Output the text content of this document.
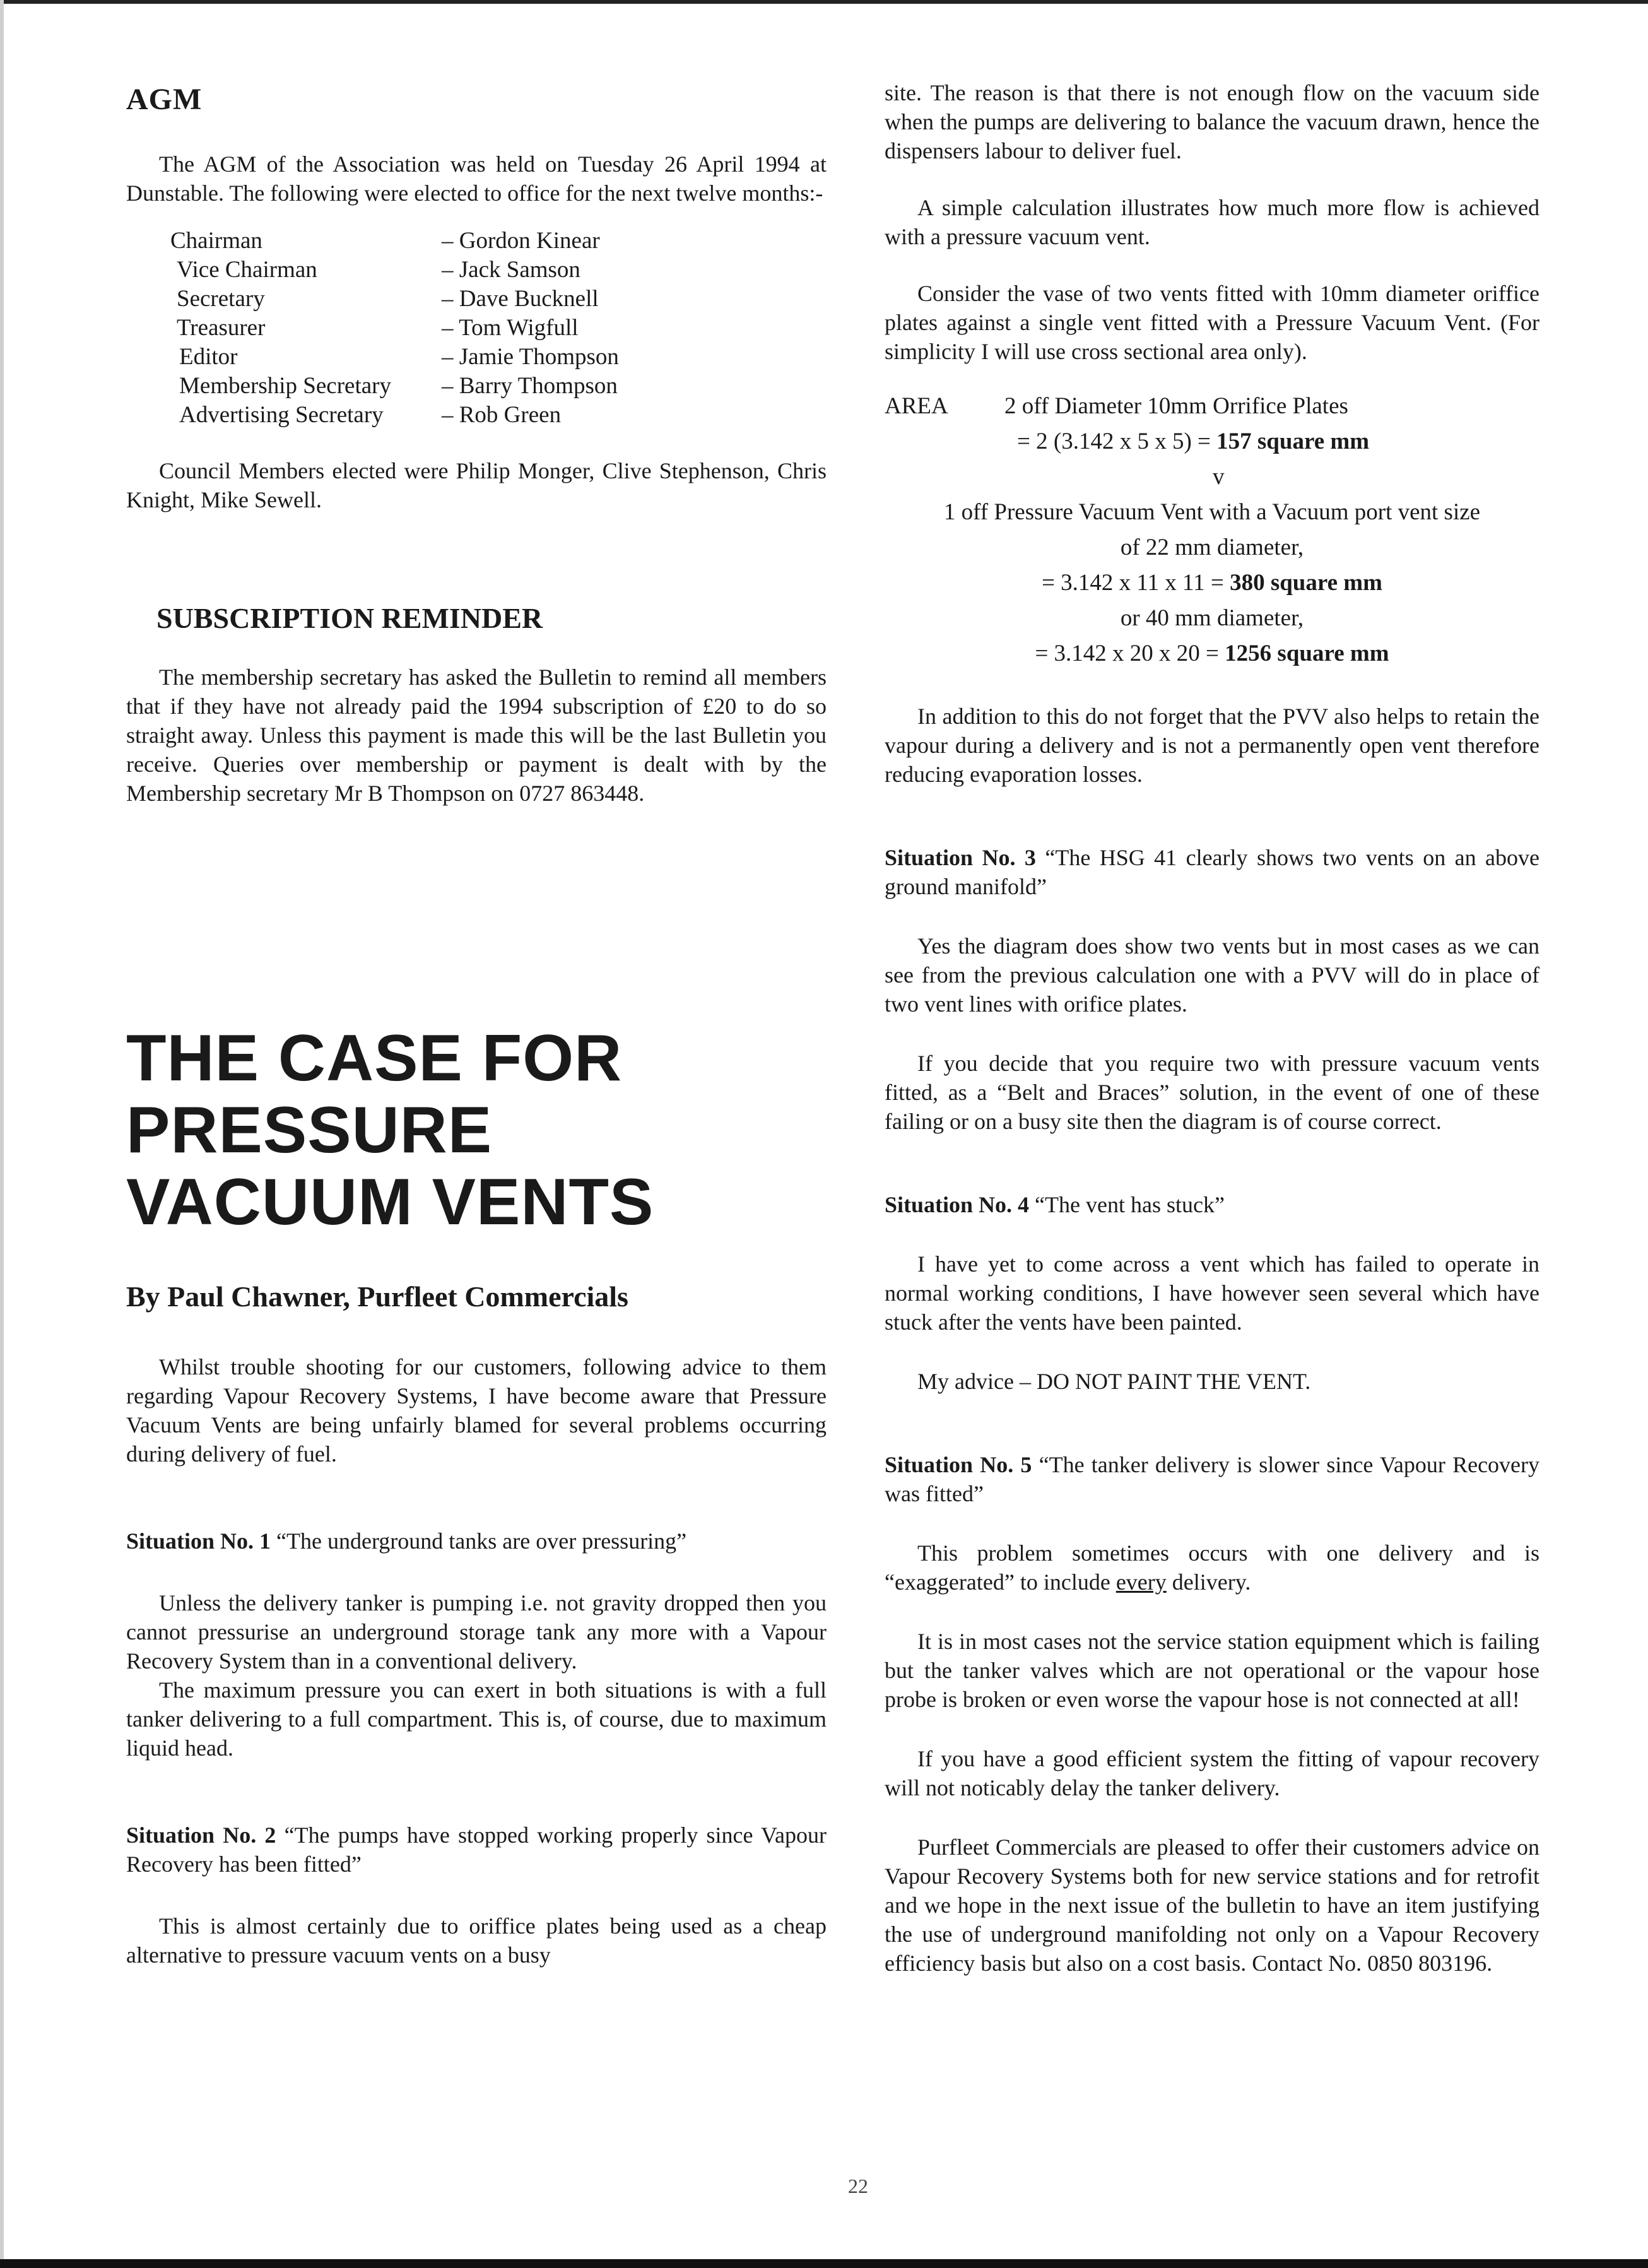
AGM

The AGM of the Association was held on Tuesday 26 April 1994 at Dunstable. The following were elected to office for the next twelve months:-

Chairman	– Gordon Kinear
Vice Chairman	– Jack Samson
Secretary	– Dave Bucknell
Treasurer	– Tom Wigfull
Editor	– Jamie Thompson
Membership Secretary	– Barry Thompson
Advertising Secretary	– Rob Green

Council Members elected were Philip Monger, Clive Stephenson, Chris Knight, Mike Sewell.

SUBSCRIPTION REMINDER

The membership secretary has asked the Bulletin to remind all members that if they have not already paid the 1994 subscription of £20 to do so straight away. Unless this payment is made this will be the last Bulletin you receive. Queries over membership or payment is dealt with by the Membership secretary Mr B Thompson on 0727 863448.

THE CASE FOR
PRESSURE
VACUUM VENTS
By Paul Chawner, Purfleet Commercials

Whilst trouble shooting for our customers, following advice to them regarding Vapour Recovery Systems, I have become aware that Pressure Vacuum Vents are being unfairly blamed for several problems occurring during delivery of fuel.

Situation No. 1 “The underground tanks are over pressuring”

Unless the delivery tanker is pumping i.e. not gravity dropped then you cannot pressurise an underground storage tank any more with a Vapour Recovery System than in a conventional delivery.

The maximum pressure you can exert in both situations is with a full tanker delivering to a full compartment. This is, of course, due to maximum liquid head.

Situation No. 2 “The pumps have stopped working properly since Vapour Recovery has been fitted”

This is almost certainly due to oriffice plates being used as a cheap alternative to pressure vacuum vents on a busy

site. The reason is that there is not enough flow on the vacuum side when the pumps are delivering to balance the vacuum drawn, hence the dispensers labour to deliver fuel.

A simple calculation illustrates how much more flow is achieved with a pressure vacuum vent.

Consider the vase of two vents fitted with 10mm diameter oriffice plates against a single vent fitted with a Pressure Vacuum Vent. (For simplicity I will use cross sectional area only).

AREA 2 off Diameter 10mm Orrifice Plates
= 2 (3.142 x 5 x 5) = 157 square mm
v
1 off Pressure Vacuum Vent with a Vacuum port vent size
of 22 mm diameter,
= 3.142 x 11 x 11 = 380 square mm
or 40 mm diameter,
= 3.142 x 20 x 20 = 1256 square mm

In addition to this do not forget that the PVV also helps to retain the vapour during a delivery and is not a permanently open vent therefore reducing evaporation losses.

Situation No. 3 “The HSG 41 clearly shows two vents on an above ground manifold”

Yes the diagram does show two vents but in most cases as we can see from the previous calculation one with a PVV will do in place of two vent lines with orifice plates.

If you decide that you require two with pressure vacuum vents fitted, as a “Belt and Braces” solution, in the event of one of these failing or on a busy site then the diagram is of course correct.

Situation No. 4 “The vent has stuck”

I have yet to come across a vent which has failed to operate in normal working conditions, I have however seen several which have stuck after the vents have been painted.

My advice – DO NOT PAINT THE VENT.

Situation No. 5 “The tanker delivery is slower since Vapour Recovery was fitted”

This problem sometimes occurs with one delivery and is “exaggerated” to include every delivery.

It is in most cases not the service station equipment which is failing but the tanker valves which are not operational or the vapour hose probe is broken or even worse the vapour hose is not connected at all!

If you have a good efficient system the fitting of vapour recovery will not noticably delay the tanker delivery.

Purfleet Commercials are pleased to offer their customers advice on Vapour Recovery Systems both for new service stations and for retrofit and we hope in the next issue of the bulletin to have an item justifying the use of underground manifolding not only on a Vapour Recovery efficiency basis but also on a cost basis. Contact No. 0850 803196.

22
